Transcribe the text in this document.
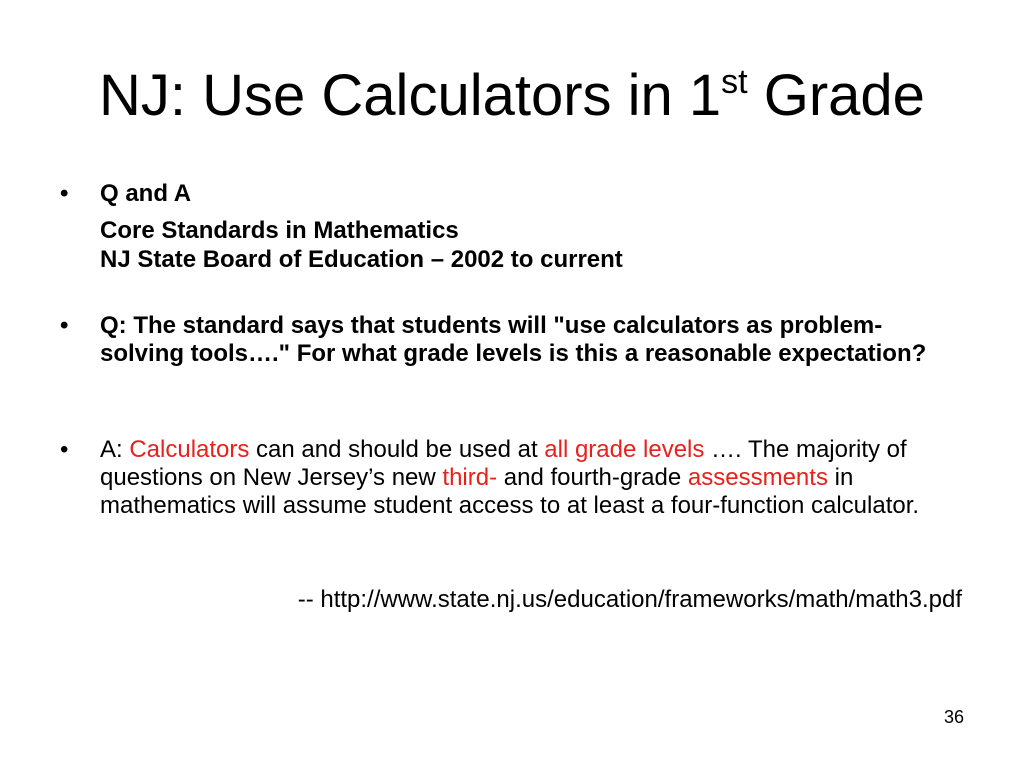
NJ: Use Calculators in 1st Grade
• Q and A
Core Standards in Mathematics
NJ State Board of Education – 2002 to current
• Q: The standard says that students will "use calculators as problem-solving tools…." For what grade levels is this a reasonable expectation?
• A: Calculators can and should be used at all grade levels …. The majority of questions on New Jersey’s new third- and fourth-grade assessments in mathematics will assume student access to at least a four-function calculator.
-- http://www.state.nj.us/education/frameworks/math/math3.pdf
36
